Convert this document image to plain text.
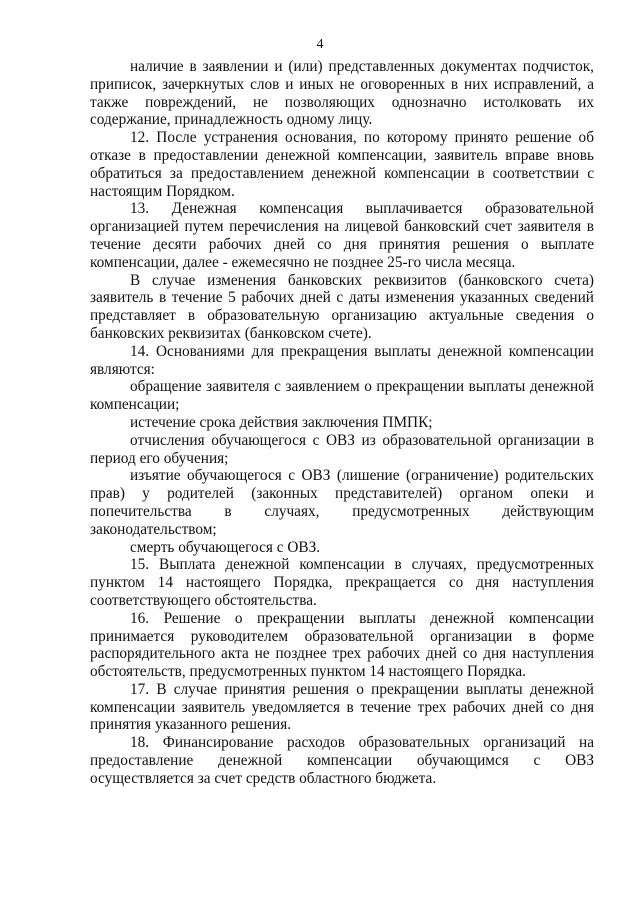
4

наличие в заявлении и (или) представленных документах подчисток, приписок, зачеркнутых слов и иных не оговоренных в них исправлений, а также повреждений, не позволяющих однозначно истолковать их содержание, принадлежность одному лицу.

12. После устранения основания, по которому принято решение об отказе в предоставлении денежной компенсации, заявитель вправе вновь обратиться за предоставлением денежной компенсации в соответствии с настоящим Порядком.

13. Денежная компенсация выплачивается образовательной организацией путем перечисления на лицевой банковский счет заявителя в течение десяти рабочих дней со дня принятия решения о выплате компенсации, далее - ежемесячно не позднее 25-го числа месяца.

В случае изменения банковских реквизитов (банковского счета) заявитель в течение 5 рабочих дней с даты изменения указанных сведений представляет в образовательную организацию актуальные сведения о банковских реквизитах (банковском счете).

14. Основаниями для прекращения выплаты денежной компенсации являются:

обращение заявителя с заявлением о прекращении выплаты денежной компенсации;

истечение срока действия заключения ПМПК;

отчисления обучающегося с ОВЗ из образовательной организации в период его обучения;

изъятие обучающегося с ОВЗ (лишение (ограничение) родительских прав) у родителей (законных представителей) органом опеки и попечительства в случаях, предусмотренных действующим законодательством;

смерть обучающегося с ОВЗ.

15. Выплата денежной компенсации в случаях, предусмотренных пунктом 14 настоящего Порядка, прекращается со дня наступления соответствующего обстоятельства.

16. Решение о прекращении выплаты денежной компенсации принимается руководителем образовательной организации в форме распорядительного акта не позднее трех рабочих дней со дня наступления обстоятельств, предусмотренных пунктом 14 настоящего Порядка.

17. В случае принятия решения о прекращении выплаты денежной компенсации заявитель уведомляется в течение трех рабочих дней со дня принятия указанного решения.

18. Финансирование расходов образовательных организаций на предоставление денежной компенсации обучающимся с ОВЗ осуществляется за счет средств областного бюджета.
